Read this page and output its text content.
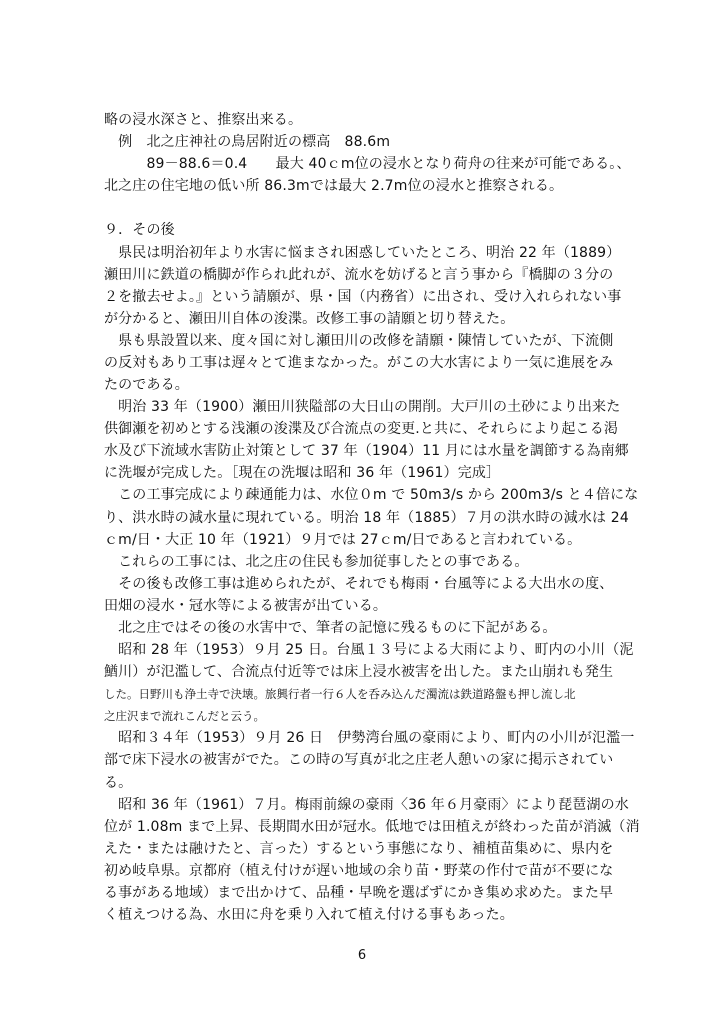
略の浸水深さと、推察出来る。
　例　北之庄神社の鳥居附近の標高　88.6m
　　　89－88.6＝0.4　　最大 40ｃm位の浸水となり荷舟の往来が可能である。、
北之庄の住宅地の低い所 86.3mでは最大 2.7m位の浸水と推察される。
９．その後
　県民は明治初年より水害に悩まされ困惑していたところ、明治 22 年（1889）
瀬田川に鉄道の橋脚が作られ此れが、流水を妨げると言う事から『橋脚の３分の
２を撤去せよ。』という請願が、県・国（内務省）に出され、受け入れられない事
が分かると、瀬田川自体の浚渫。改修工事の請願と切り替えた。
　県も県設置以来、度々国に対し瀬田川の改修を請願・陳情していたが、下流側
の反対もあり工事は遅々とて進まなかった。がこの大水害により一気に進展をみ
たのである。
　明治 33 年（1900）瀬田川狭隘部の大日山の開削。大戸川の土砂により出来た
供御瀬を初めとする浅瀬の浚渫及び合流点の変更.と共に、それらにより起こる渇
水及び下流域水害防止対策として 37 年（1904）11 月には水量を調節する為南郷
に洗堰が完成した。［現在の洗堰は昭和 36 年（1961）完成］
　この工事完成により疎通能力は、水位０m で 50m3/s から 200m3/s と４倍にな
り、洪水時の減水量に現れている。明治 18 年（1885）７月の洪水時の減水は 24
ｃm/日・大正 10 年（1921）９月では 27ｃm/日であると言われている。
　これらの工事には、北之庄の住民も参加従事したとの事である。
　その後も改修工事は進められたが、それでも梅雨・台風等による大出水の度、
田畑の浸水・冠水等による被害が出ている。
　北之庄ではその後の水害中で、筆者の記憶に残るものに下記がある。
　昭和 28 年（1953）９月 25 日。台風１３号による大雨により、町内の小川（泥
鰌川）が氾濫して、合流点付近等では床上浸水被害を出した。また山崩れも発生
した。日野川も浄土寺で決壊。旅興行者一行６人を呑み込んだ濁流は鉄道路盤も押し流し北
之庄沢まで流れこんだと云う。
　昭和３４年（1953）９月 26 日　伊勢湾台風の豪雨により、町内の小川が氾濫一
部で床下浸水の被害がでた。この時の写真が北之庄老人憩いの家に掲示されてい
る。
　昭和 36 年（1961）７月。梅雨前線の豪雨〈36 年６月豪雨〉により琵琶湖の水
位が 1.08m まで上昇、長期間水田が冠水。低地では田植えが終わった苗が消滅（消
えた・または融けたと、言った）するという事態になり、補植苗集めに、県内を
初め岐阜県。京都府（植え付けが遅い地域の余り苗・野菜の作付で苗が不要にな
る事がある地域）まで出かけて、品種・早晩を選ばずにかき集め求めた。また早
く植えつける為、水田に舟を乗り入れて植え付ける事もあった。
6
